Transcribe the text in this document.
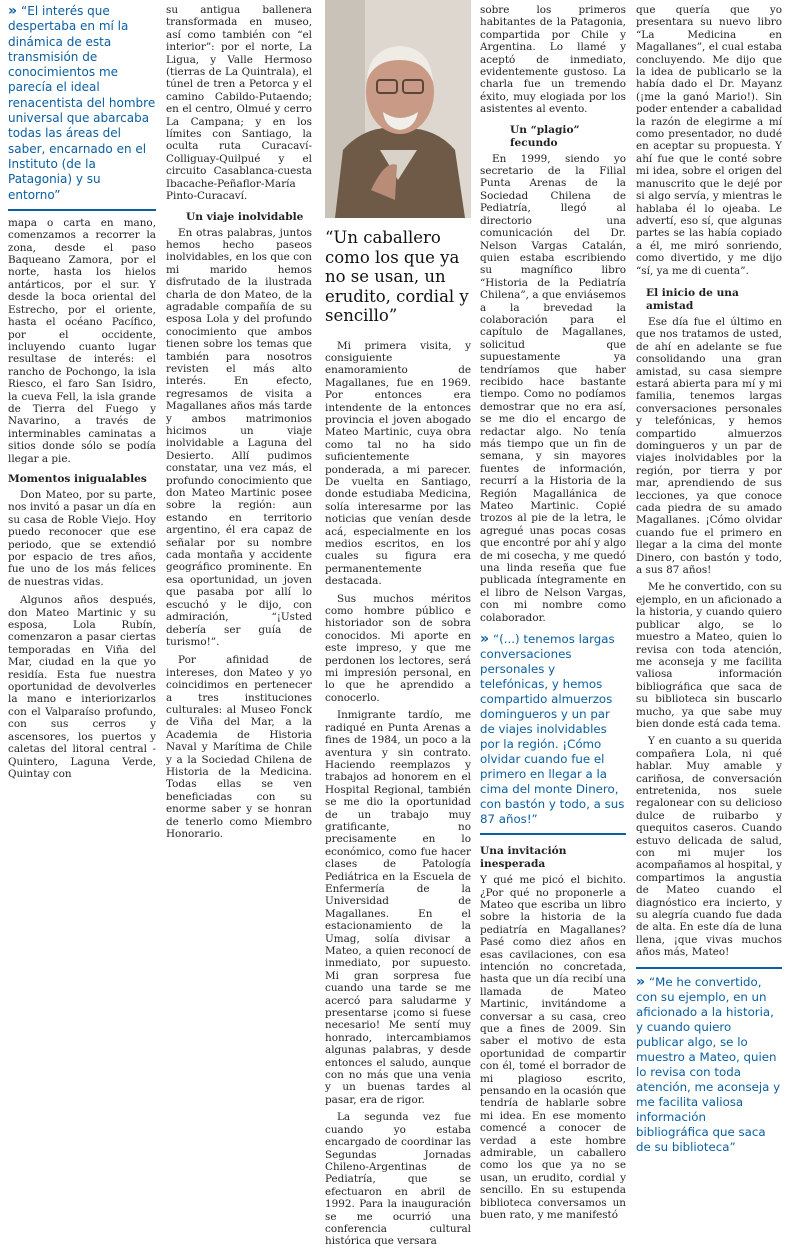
» “El interés que despertaba en mí la dinámica de esta transmisión de conocimientos me parecía el ideal renacentista del hombre universal que abarcaba todas las áreas del saber, encarnado en el Instituto (de la Patagonia) y su entorno”

mapa o carta en mano, comenzamos a recorrer la zona, desde el paso Baqueano Zamora, por el norte, hasta los hielos antárticos, por el sur. Y desde la boca oriental del Estrecho, por el oriente, hasta el océano Pacífico, por el occidente, incluyendo cuanto lugar resultase de interés: el rancho de Pochongo, la isla Riesco, el faro San Isidro, la cueva Fell, la isla grande de Tierra del Fuego y Navarino, a través de interminables caminatas a sitios donde sólo se podía llegar a pie.

Momentos inigualables

Don Mateo, por su parte, nos invitó a pasar un día en su casa de Roble Viejo. Hoy puedo reconocer que ese periodo, que se extendió por espacio de tres años, fue uno de los más felices de nuestras vidas.

Algunos años después, don Mateo Martinic y su esposa, Lola Rubín, comenzaron a pasar ciertas temporadas en Viña del Mar, ciudad en la que yo residía. Esta fue nuestra oportunidad de devolverles la mano e interiorizarlos con el Valparaíso profundo, con sus cerros y ascensores, los puertos y caletas del litoral central -Quintero, Laguna Verde, Quintay con

su antigua ballenera transformada en museo, así como también con “el interior”: por el norte, La Ligua, y Valle Hermoso (tierras de La Quintrala), el túnel de tren a Petorca y el camino Cabildo-Putaendo; en el centro, Olmué y cerro La Campana; y en los límites con Santiago, la oculta ruta Curacaví-Colliguay-Quilpué y el circuito Casablanca-cuesta Ibacache-Peñaflor-María Pinto-Curacaví.

Un viaje inolvidable

En otras palabras, juntos hemos hecho paseos inolvidables, en los que con mi marido hemos disfrutado de la ilustrada charla de don Mateo, de la agradable compañía de su esposa Lola y del profundo conocimiento que ambos tienen sobre los temas que también para nosotros revisten el más alto interés. En efecto, regresamos de visita a Magallanes años más tarde y ambos matrimonios hicimos un viaje inolvidable a Laguna del Desierto. Allí pudimos constatar, una vez más, el profundo conocimiento que don Mateo Martinic posee sobre la región: aun estando en territorio argentino, él era capaz de señalar por su nombre cada montaña y accidente geográfico prominente. En esa oportunidad, un joven que pasaba por allí lo escuchó y le dijo, con admiración, “¡Usted debería ser guía de turismo!”.

Por afinidad de intereses, don Mateo y yo coincidimos en pertenecer a tres instituciones culturales: al Museo Fonck de Viña del Mar, a la Academia de Historia Naval y Marítima de Chile y a la Sociedad Chilena de Historia de la Medicina. Todas ellas se ven beneficiadas con su enorme saber y se honran de tenerlo como Miembro Honorario.

“Un caballero como los que ya no se usan, un erudito, cordial y sencillo”

Mi primera visita, y consiguiente enamoramiento de Magallanes, fue en 1969. Por entonces era intendente de la entonces provincia el joven abogado Mateo Martinic, cuya obra como tal no ha sido suficientemente ponderada, a mi parecer. De vuelta en Santiago, donde estudiaba Medicina, solía interesarme por las noticias que venían desde acá, especialmente en los medios escritos, en los cuales su figura era permanentemente destacada.

Sus muchos méritos como hombre público e historiador son de sobra conocidos. Mi aporte en este impreso, y que me perdonen los lectores, será mi impresión personal, en lo que he aprendido a conocerlo.

Inmigrante tardío, me radiqué en Punta Arenas a fines de 1984, un poco a la aventura y sin contrato. Haciendo reemplazos y trabajos ad honorem en el Hospital Regional, también se me dio la oportunidad de un trabajo muy gratificante, no precisamente en lo económico, como fue hacer clases de Patología Pediátrica en la Escuela de Enfermería de la Universidad de Magallanes. En el estacionamiento de la Umag, solía divisar a Mateo, a quien reconocí de inmediato, por supuesto. Mi gran sorpresa fue cuando una tarde se me acercó para saludarme y presentarse ¡como si fuese necesario! Me sentí muy honrado, intercambiamos algunas palabras, y desde entonces el saludo, aunque con no más que una venia y un buenas tardes al pasar, era de rigor.

La segunda vez fue cuando yo estaba encargado de coordinar las Segundas Jornadas Chileno-Argentinas de Pediatría, que se efectuaron en abril de 1992. Para la inauguración se me ocurrió una conferencia cultural histórica que versara

sobre los primeros habitantes de la Patagonia, compartida por Chile y Argentina. Lo llamé y aceptó de inmediato, evidentemente gustoso. La charla fue un tremendo éxito, muy elogiada por los asistentes al evento.

Un “plagio” fecundo

En 1999, siendo yo secretario de la Filial Punta Arenas de la Sociedad Chilena de Pediatría, llegó al directorio una comunicación del Dr. Nelson Vargas Catalán, quien estaba escribiendo su magnífico libro “Historia de la Pediatría Chilena”, a que enviásemos a la brevedad la colaboración para el capítulo de Magallanes, solicitud que supuestamente ya tendríamos que haber recibido hace bastante tiempo. Como no podíamos demostrar que no era así, se me dio el encargo de redactar algo. No tenía más tiempo que un fin de semana, y sin mayores fuentes de información, recurrí a la Historia de la Región Magallánica de Mateo Martinic. Copié trozos al pie de la letra, le agregué unas pocas cosas que encontré por ahí y algo de mi cosecha, y me quedó una linda reseña que fue publicada íntegramente en el libro de Nelson Vargas, con mi nombre como colaborador.

» “(...) tenemos largas conversaciones personales y telefónicas, y hemos compartido almuerzos domingueros y un par de viajes inolvidables por la región. ¡Cómo olvidar cuando fue el primero en llegar a la cima del monte Dinero, con bastón y todo, a sus 87 años!”
Una invitación inesperada

Y qué me picó el bichito. ¿Por qué no proponerle a Mateo que escriba un libro sobre la historia de la pediatría en Magallanes? Pasé como diez años en esas cavilaciones, con esa intención no concretada, hasta que un día recibí una llamada de Mateo Martinic, invitándome a conversar a su casa, creo que a fines de 2009. Sin saber el motivo de esta oportunidad de compartir con él, tomé el borrador de mi plagioso escrito, pensando en la ocasión que tendría de hablarle sobre mi idea. En ese momento comencé a conocer de verdad a este hombre admirable, un caballero como los que ya no se usan, un erudito, cordial y sencillo. En su estupenda biblioteca conversamos un buen rato, y me manifestó

que quería que yo presentara su nuevo libro “La Medicina en Magallanes”, el cual estaba concluyendo. Me dijo que la idea de publicarlo se la había dado el Dr. Mayanz (¡me la ganó Mario!). Sin poder entender a cabalidad la razón de elegirme a mí como presentador, no dudé en aceptar su propuesta. Y ahí fue que le conté sobre mi idea, sobre el origen del manuscrito que le dejé por si algo servía, y mientras le hablaba él lo ojeaba. Le advertí, eso sí, que algunas partes se las había copiado a él, me miró sonriendo, como divertido, y me dijo “sí, ya me di cuenta”.

El inicio de una amistad

Ese día fue el último en que nos tratamos de usted, de ahí en adelante se fue consolidando una gran amistad, su casa siempre estará abierta para mí y mi familia, tenemos largas conversaciones personales y telefónicas, y hemos compartido almuerzos domingueros y un par de viajes inolvidables por la región, por tierra y por mar, aprendiendo de sus lecciones, ya que conoce cada piedra de su amado Magallanes. ¡Cómo olvidar cuando fue el primero en llegar a la cima del monte Dinero, con bastón y todo, a sus 87 años!

Me he convertido, con su ejemplo, en un aficionado a la historia, y cuando quiero publicar algo, se lo muestro a Mateo, quien lo revisa con toda atención, me aconseja y me facilita valiosa información bibliográfica que saca de su biblioteca sin buscarlo mucho, ya que sabe muy bien donde está cada tema.

Y en cuanto a su querida compañera Lola, ni qué hablar. Muy amable y cariñosa, de conversación entretenida, nos suele regalonear con su delicioso dulce de ruibarbo y quequitos caseros. Cuando estuvo delicada de salud, con mi mujer los acompañamos al hospital, y compartimos la angustia de Mateo cuando el diagnóstico era incierto, y su alegría cuando fue dada de alta. En este día de luna llena, ¡que vivas muchos años más, Mateo!

» “Me he convertido, con su ejemplo, en un aficionado a la historia, y cuando quiero publicar algo, se lo muestro a Mateo, quien lo revisa con toda atención, me aconseja y me facilita valiosa información bibliográfica que saca de su biblioteca”
